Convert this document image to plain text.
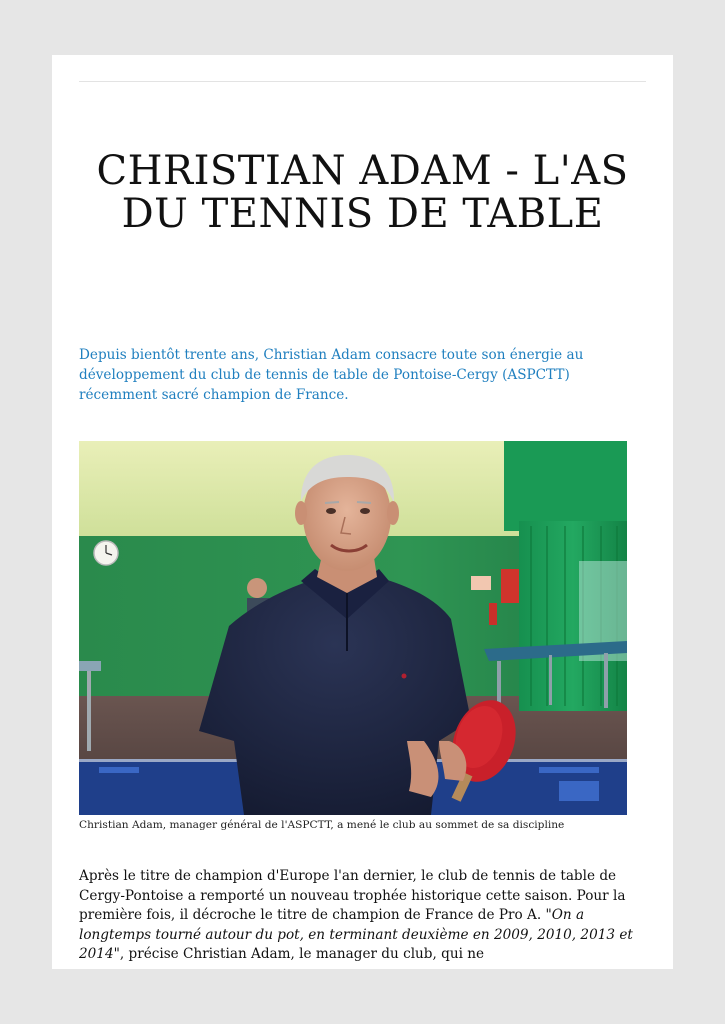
CHRISTIAN ADAM - L'AS DU TENNIS DE TABLE

Depuis bientôt trente ans, Christian Adam consacre toute son énergie au développement du club de tennis de table de Pontoise-Cergy (ASPCTT) récemment sacré champion de France.

Christian Adam, manager général de l'ASPCTT, a mené le club au sommet de sa discipline

Après le titre de champion d'Europe l'an dernier, le club de tennis de table de Cergy-Pontoise a remporté un nouveau trophée historique cette saison. Pour la première fois, il décroche le titre de champion de France de Pro A. "On a longtemps tourné autour du pot, en terminant deuxième en 2009, 2010, 2013 et 2014", précise Christian Adam, le manager du club, qui ne
